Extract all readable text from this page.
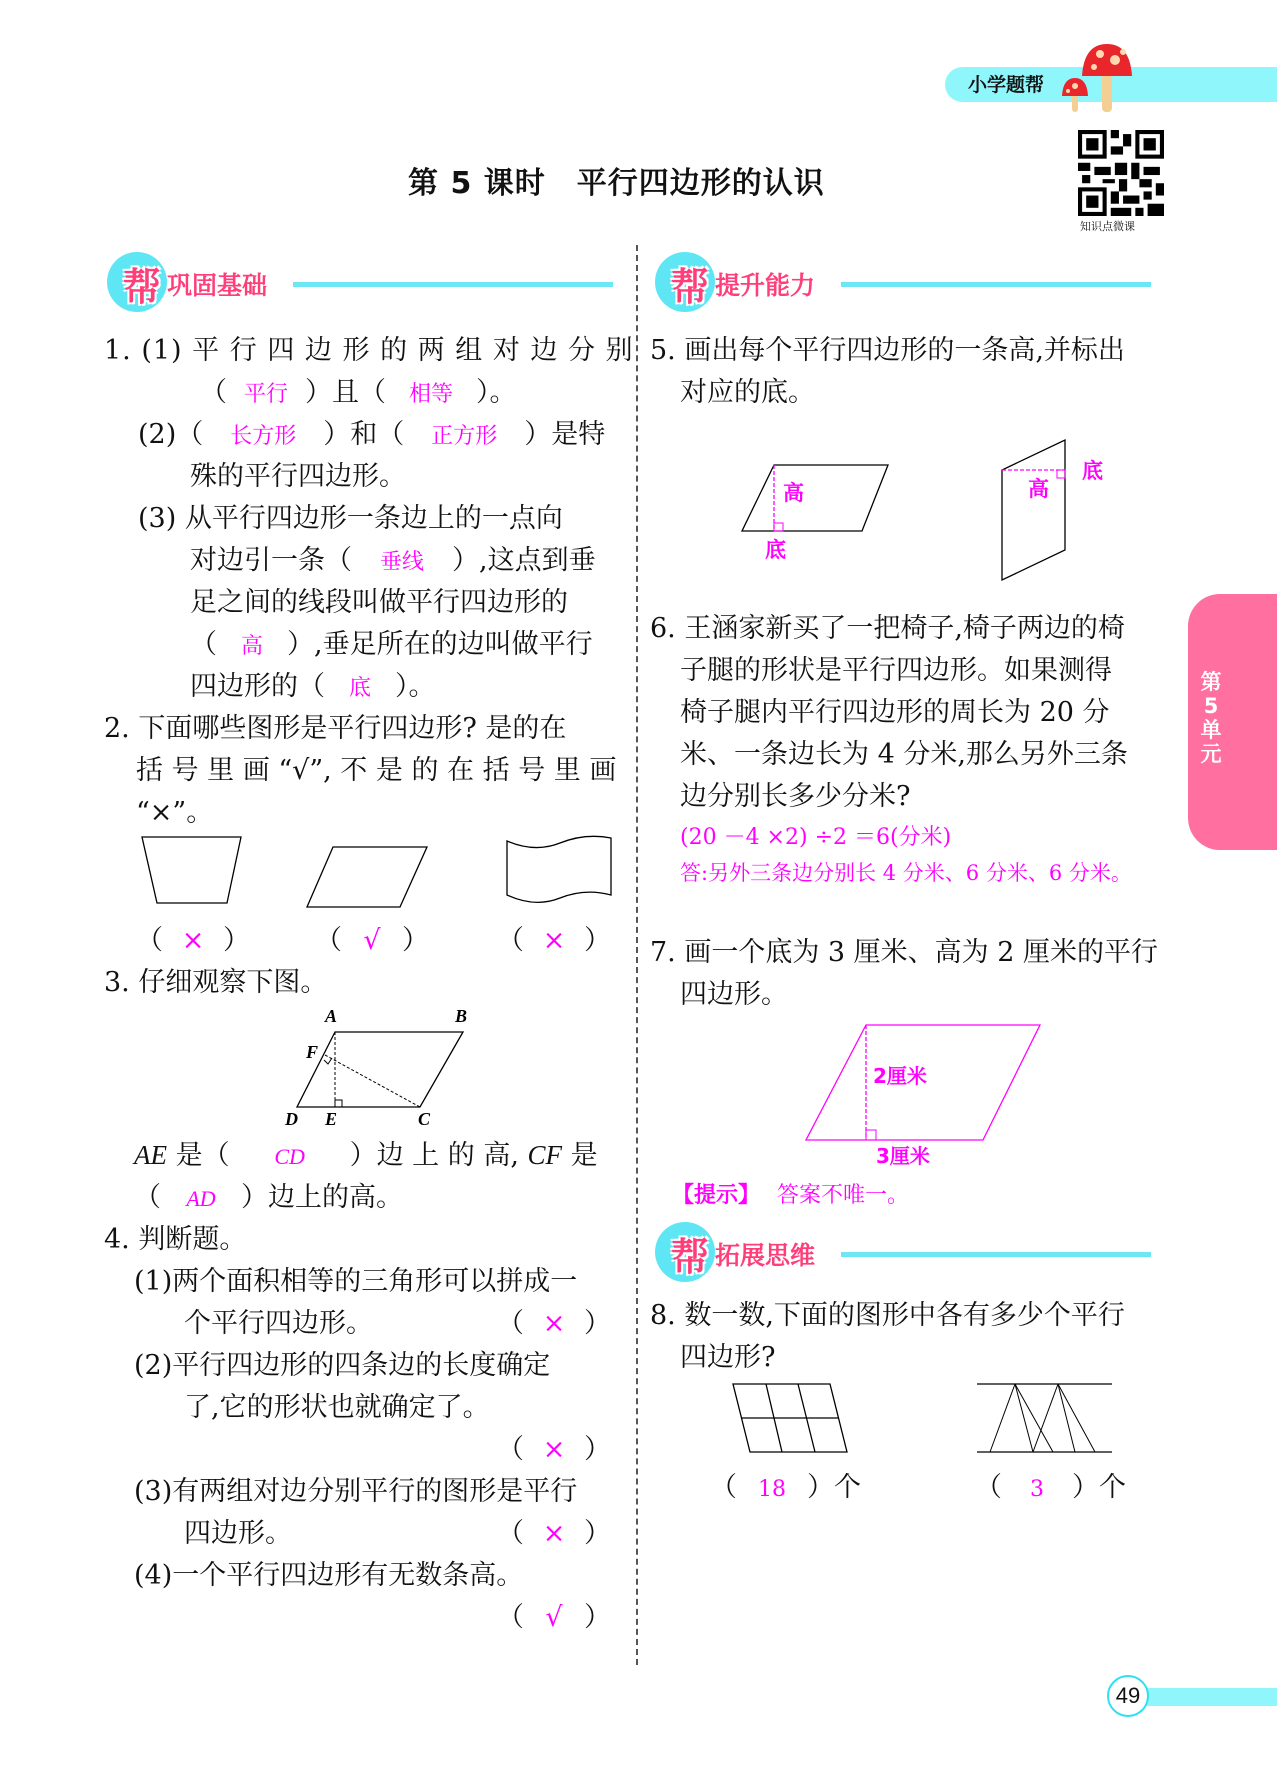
小学题帮
第 5 课时　平行四边形的认识
知识点微课
第
5
单
元
帮 巩固基础
1. (1) 平 行 四 边 形 的 两 组 对 边 分 别
（ 平行 ）且（ 相等 ）。
(2)（ 长方形 ）和（ 正方形 ）是特
殊的平行四边形。
(3) 从平行四边形一条边上的一点向
对边引一条（ 垂线 ）,这点到垂
足之间的线段叫做平行四边形的
（ 高 ）,垂足所在的边叫做平行
四边形的（ 底 ）。
2. 下面哪些图形是平行四边形? 是的在
括 号 里 画 “√”, 不 是 的 在 括 号 里 画
“×”。
（ × ） （ √ ）	（ × ）
3. 仔细观察下图。
A	B
F
D E	C
AE 是（ CD ）边 上 的 高, CF 是
（ AD ）边上的高。
4. 判断题。
(1)两个面积相等的三角形可以拼成一
个平行四边形。	（ × ）
(2)平行四边形的四条边的长度确定
了,它的形状也就确定了。
（ × ）
(3)有两组对边分别平行的图形是平行
四边形。	（ × ）
(4)一个平行四边形有无数条高。
（ √ ）
帮 提升能力
5. 画出每个平行四边形的一条高,并标出
对应的底。
高
底
高
底
6. 王涵家新买了一把椅子,椅子两边的椅
子腿的形状是平行四边形。如果测得
椅子腿内平行四边形的周长为 20 分
米、一条边长为 4 分米,那么另外三条
边分别长多少分米?
(20 －4 ×2) ÷2 ＝6(分米)
答:另外三条边分别长 4 分米、6 分米、6 分米。
7. 画一个底为 3 厘米、高为 2 厘米的平行
四边形。
2厘米
3厘米
【提示】 答案不唯一。
帮 拓展思维
8. 数一数,下面的图形中各有多少个平行
四边形?
（ 18 ）个	（ 3 ）个
49
